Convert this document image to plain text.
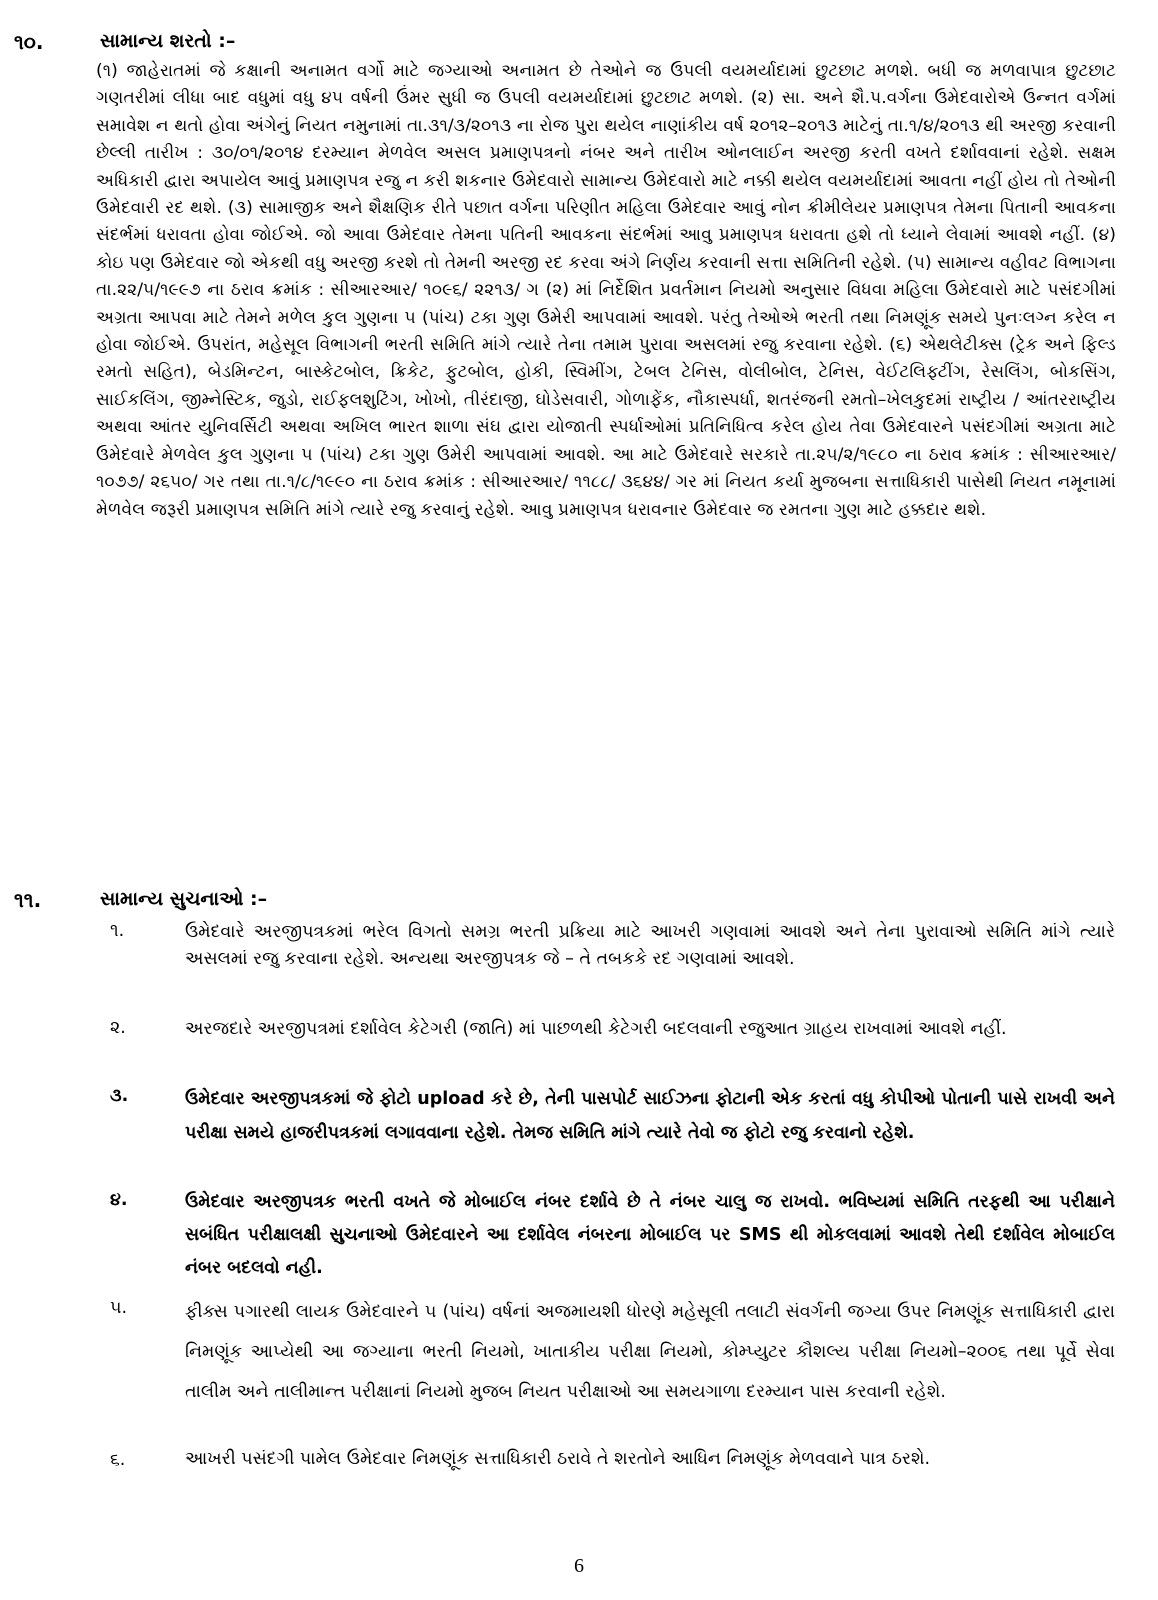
૧૦.	સામાન્ય શરતો :–
(૧) જાહેરાતમાં જે કક્ષાની અનામત વર્ગો માટે જગ્યાઓ અનામત છે તેઓને જ ઉપલી વયમર્યાદામાં છુટછાટ મળશે. બધી જ મળવાપાત્ર છુટછાટ ગણતરીમાં લીધા બાદ વધુમાં વધુ ૪૫ વર્ષની ઉંમર સુધી જ ઉપલી વયમર્યાદામાં છુટછાટ મળશે. (૨) સા. અને શૈ.પ.વર્ગના ઉમેદવારોએ ઉન્નત વર્ગમાં સમાવેશ ન થતો હોવા અંગેનું નિયત નમુનામાં તા.૩૧/૩/૨૦૧૩ ના રોજ પુરા થયેલ નાણાંકીય વર્ષ ૨૦૧૨–૨૦૧૩ માટેનું તા.૧/૪/૨૦૧૩ થી અરજી કરવાની છેલ્લી તારીખ : ૩૦/૦૧/૨૦૧૪ દરમ્યાન મેળવેલ અસલ પ્રમાણપત્રનો નંબર અને તારીખ ઓનલાઈન અરજી કરતી વખતે દર્શાવવાનાં રહેશે. સક્ષમ અધિકારી દ્વારા અપાયેલ આવું પ્રમાણપત્ર રજુ ન કરી શકનાર ઉમેદવારો સામાન્ય ઉમેદવારો માટે નક્કી થયેલ વયમર્યાદામાં આવતા નહીં હોય તો તેઓની ઉમેદવારી રદ થશે. (૩) સામાજીક અને શૈક્ષણિક રીતે પછાત વર્ગના પરિણીત મહિલા ઉમેદવાર આવું નોન ક્રીમીલેયર પ્રમાણપત્ર તેમના પિતાની આવકના સંદર્ભમાં ધરાવતા હોવા જોઈએ. જો આવા ઉમેદવાર તેમના પતિની આવકના સંદર્ભમાં આવુ પ્રમાણપત્ર ધરાવતા હશે તો ધ્યાને લેવામાં આવશે નહીં. (૪) કોઇ પણ ઉમેદવાર જો એકથી વધુ અરજી કરશે તો તેમની અરજી રદ કરવા અંગે નિર્ણય કરવાની સત્તા સમિતિની રહેશે. (૫) સામાન્ય વહીવટ વિભાગના તા.૨૨/૫/૧૯૯૭ ના ઠરાવ ક્રમાંક : સીઆરઆર/ ૧૦૯૬/ ૨૨૧૩/ ગ (૨) માં નિર્દેશિત પ્રવર્તમાન નિયમો અનુસાર વિધવા મહિલા ઉમેદવારો માટે પસંદગીમાં અગ્રતા આપવા માટે તેમને મળેલ કુલ ગુણના ૫ (પાંચ) ટકા ગુણ ઉમેરી આપવામાં આવશે. પરંતુ તેઓએ ભરતી તથા નિમણૂંક સમયે પુનઃલગ્ન કરેલ ન હોવા જોઈએ. ઉપરાંત, મહેસૂલ વિભાગની ભરતી સમિતિ માંગે ત્યારે તેના તમામ પુરાવા અસલમાં રજુ કરવાના રહેશે. (૬) એથલેટીક્સ (ટ્રેક અને ફિલ્ડ રમતો સહિત), બેડમિન્ટન, બાસ્કેટબોલ, ક્રિકેટ, ફુટબોલ, હોકી, સ્વિમીંગ, ટેબલ ટેનિસ, વોલીબોલ, ટેનિસ, વેઈટલિફ્ટીંગ, રેસલિંગ, બોકસિંગ, સાઈકલિંગ, જીમ્નેસ્ટિક, જુડો, રાઈફલશુટિંગ, ખોખો, તીરંદાજી, ઘોડેસવારી, ગોળાફેંક, નૌકાસ્પર્ધા, શતરંજની રમતો–ખેલકુદમાં રાષ્ટ્રીય / આંતરરાષ્ટ્રીય અથવા આંતર યુનિવર્સિટી અથવા અખિલ ભારત શાળા સંઘ દ્વારા યોજાતી સ્પર્ધાઓમાં પ્રતિનિધિત્વ કરેલ હોય તેવા ઉમેદવારને પસંદગીમાં અગ્રતા માટે ઉમેદવારે મેળવેલ કુલ ગુણના ૫ (પાંચ) ટકા ગુણ ઉમેરી આપવામાં આવશે. આ માટે ઉમેદવારે સરકારે તા.૨૫/૨/૧૯૮૦ ના ઠરાવ ક્રમાંક : સીઆરઆર/ ૧૦૭૭/ ૨૬૫૦/ ગર તથા તા.૧/૮/૧૯૯૦ ના ઠરાવ ક્રમાંક : સીઆરઆર/ ૧૧૮૮/ ૩૬૪૪/ ગર માં નિયત કર્યા મુજબના સત્તાધિકારી પાસેથી નિયત નમૂનામાં મેળવેલ જરૂરી પ્રમાણપત્ર સમિતિ માંગે ત્યારે રજુ કરવાનું રહેશે. આવુ પ્રમાણપત્ર ધરાવનાર ઉમેદવાર જ રમતના ગુણ માટે હક્કદાર થશે.
૧૧.	સામાન્ય સુચનાઓ :–
૧.	ઉમેદવારે અરજીપત્રકમાં ભરેલ વિગતો સમગ્ર ભરતી પ્રક્રિયા માટે આખરી ગણવામાં આવશે અને તેના પુરાવાઓ સમિતિ માંગે ત્યારે અસલમાં રજુ કરવાના રહેશે. અન્યથા અરજીપત્રક જે – તે તબકકે રદ ગણવામાં આવશે.
૨.	અરજદારે અરજીપત્રમાં દર્શાવેલ કેટેગરી (જાતિ) માં પાછળથી કેટેગરી બદલવાની રજુઆત ગ્રાહય રાખવામાં આવશે નહીં.
૩.	ઉમેદવાર અરજીપત્રકમાં જે ફોટો upload કરે છે, તેની પાસપોર્ટ સાઈઝના ફોટાની એક કરતાં વધુ કોપીઓ પોતાની પાસે રાખવી અને પરીક્ષા સમયે હાજરીપત્રકમાં લગાવવાના રહેશે. તેમજ સમિતિ માંગે ત્યારે તેવો જ ફોટો રજુ કરવાનો રહેશે.
૪.	ઉમેદવાર અરજીપત્રક ભરતી વખતે જે મોબાઈલ નંબર દર્શાવે છે તે નંબર ચાલુ જ રાખવો. ભવિષ્યમાં સમિતિ તરફથી આ પરીક્ષાને સબંધિત પરીક્ષાલક્ષી સુચનાઓ ઉમેદવારને આ દર્શાવેલ નંબરના મોબાઈલ પર SMS થી મોકલવામાં આવશે તેથી દર્શાવેલ મોબાઈલ નંબર બદલવો નહી.
૫.	ફીક્સ પગારથી લાયક ઉમેદવારને ૫ (પાંચ) વર્ષનાં અજમાયશી ધોરણે મહેસૂલી તલાટી સંવર્ગની જગ્યા ઉપર નિમણૂંક સત્તાધિકારી દ્વારા નિમણૂંક આપ્યેથી આ જગ્યાના ભરતી નિયમો, ખાતાકીય પરીક્ષા નિયમો, કોમ્પ્યુટર કૌશલ્ય પરીક્ષા નિયમો–૨૦૦૬ તથા પૂર્વે સેવા તાલીમ અને તાલીમાન્ત પરીક્ષાનાં નિયમો મુજબ નિયત પરીક્ષાઓ આ સમયગાળા દરમ્યાન પાસ કરવાની રહેશે.
૬.	આખરી પસંદગી પામેલ ઉમેદવાર નિમણૂંક સત્તાધિકારી ઠરાવે તે શરતોને આધિન નિમણૂંક મેળવવાને પાત્ર ઠરશે.
6
